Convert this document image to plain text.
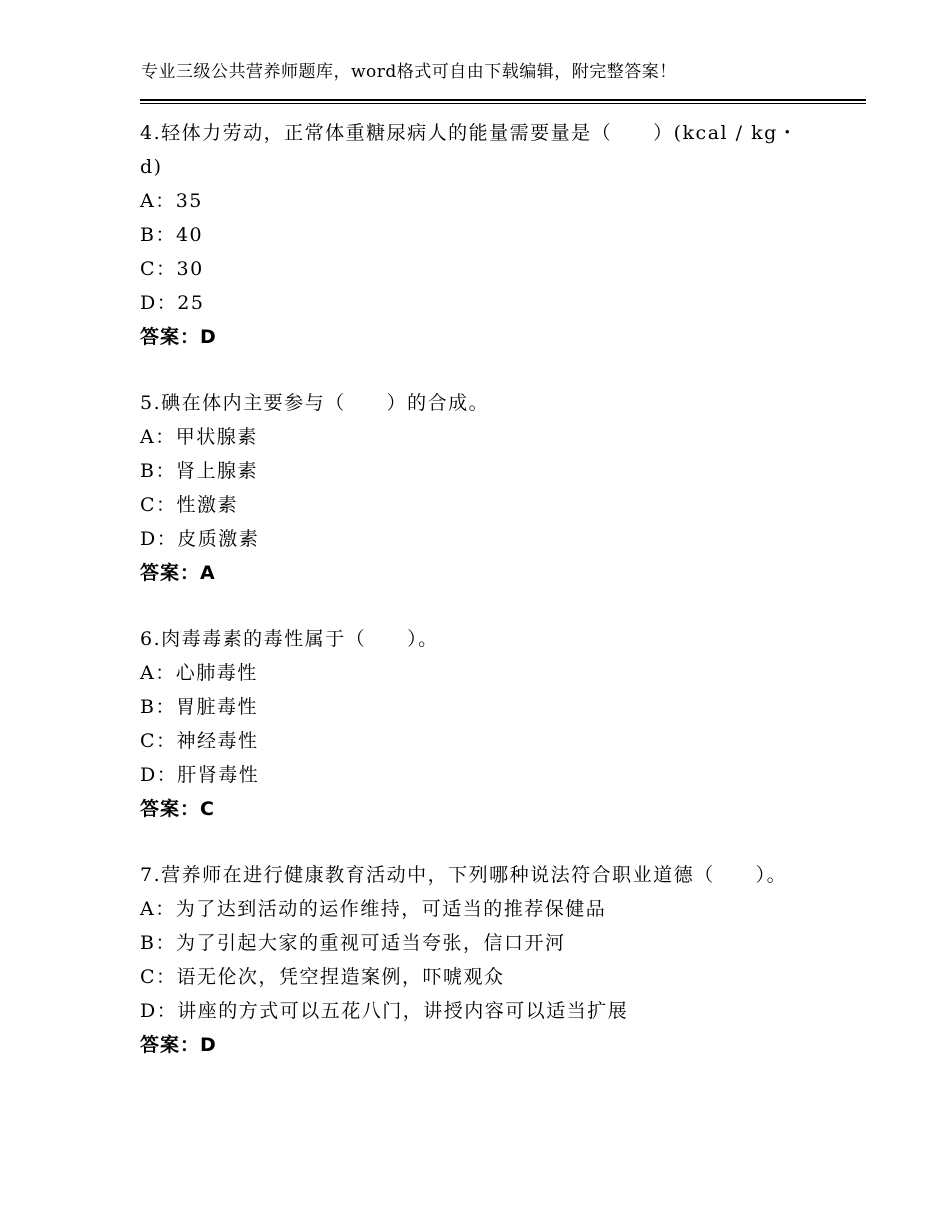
专业三级公共营养师题库，word格式可自由下载编辑，附完整答案！

4.轻体力劳动，正常体重糖尿病人的能量需要量是（　　）(kcal / kg・d)

A：35

B：40

C：30

D：25

答案：D

5.碘在体内主要参与（　　）的合成。

A：甲状腺素

B：肾上腺素

C：性激素

D：皮质激素

答案：A

6.肉毒毒素的毒性属于（　　）。

A：心肺毒性

B：胃脏毒性

C：神经毒性

D：肝肾毒性

答案：C

7.营养师在进行健康教育活动中，下列哪种说法符合职业道德（　　）。

A：为了达到活动的运作维持，可适当的推荐保健品

B：为了引起大家的重视可适当夸张，信口开河

C：语无伦次，凭空捏造案例，吓唬观众

D：讲座的方式可以五花八门，讲授内容可以适当扩展

答案：D
